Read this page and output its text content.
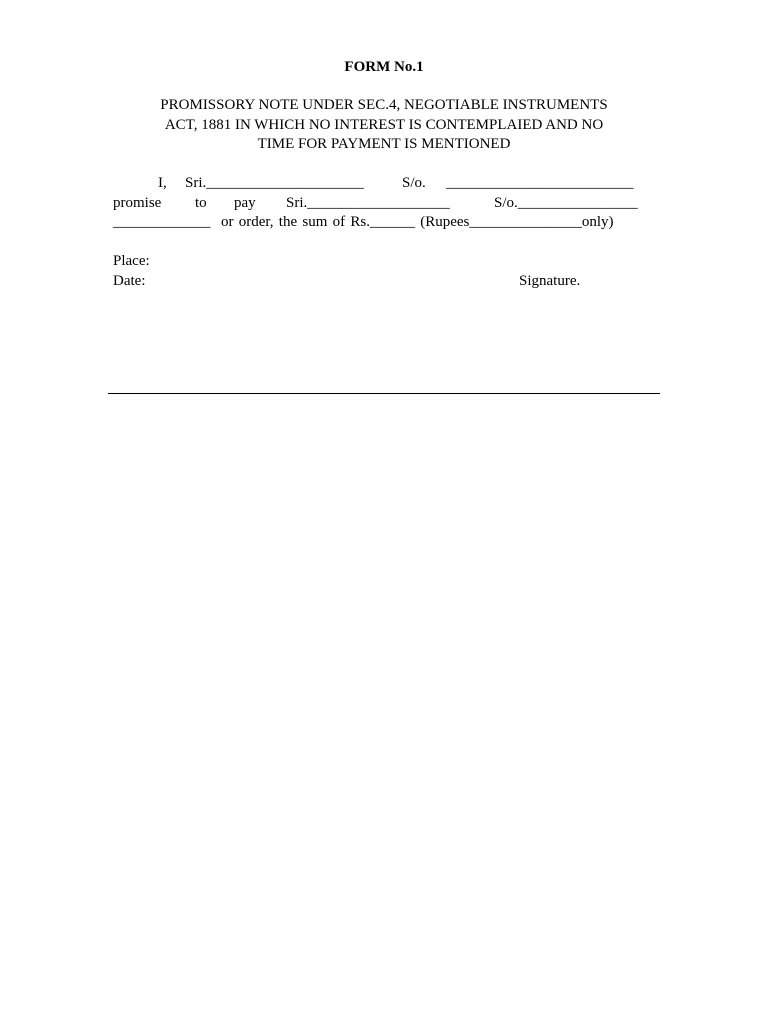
FORM No.1
PROMISSORY NOTE UNDER SEC.4, NEGOTIABLE INSTRUMENTS
ACT, 1881 IN WHICH NO INTEREST IS CONTEMPLAIED AND NO
TIME FOR PAYMENT IS MENTIONED
I, Sri._____________________	S/o. _________________________
promise to pay Sri.___________________	S/o.________________
_____________ or order, the sum of Rs.______ (Rupees_______________only)
Place:
Date:	Signature.
